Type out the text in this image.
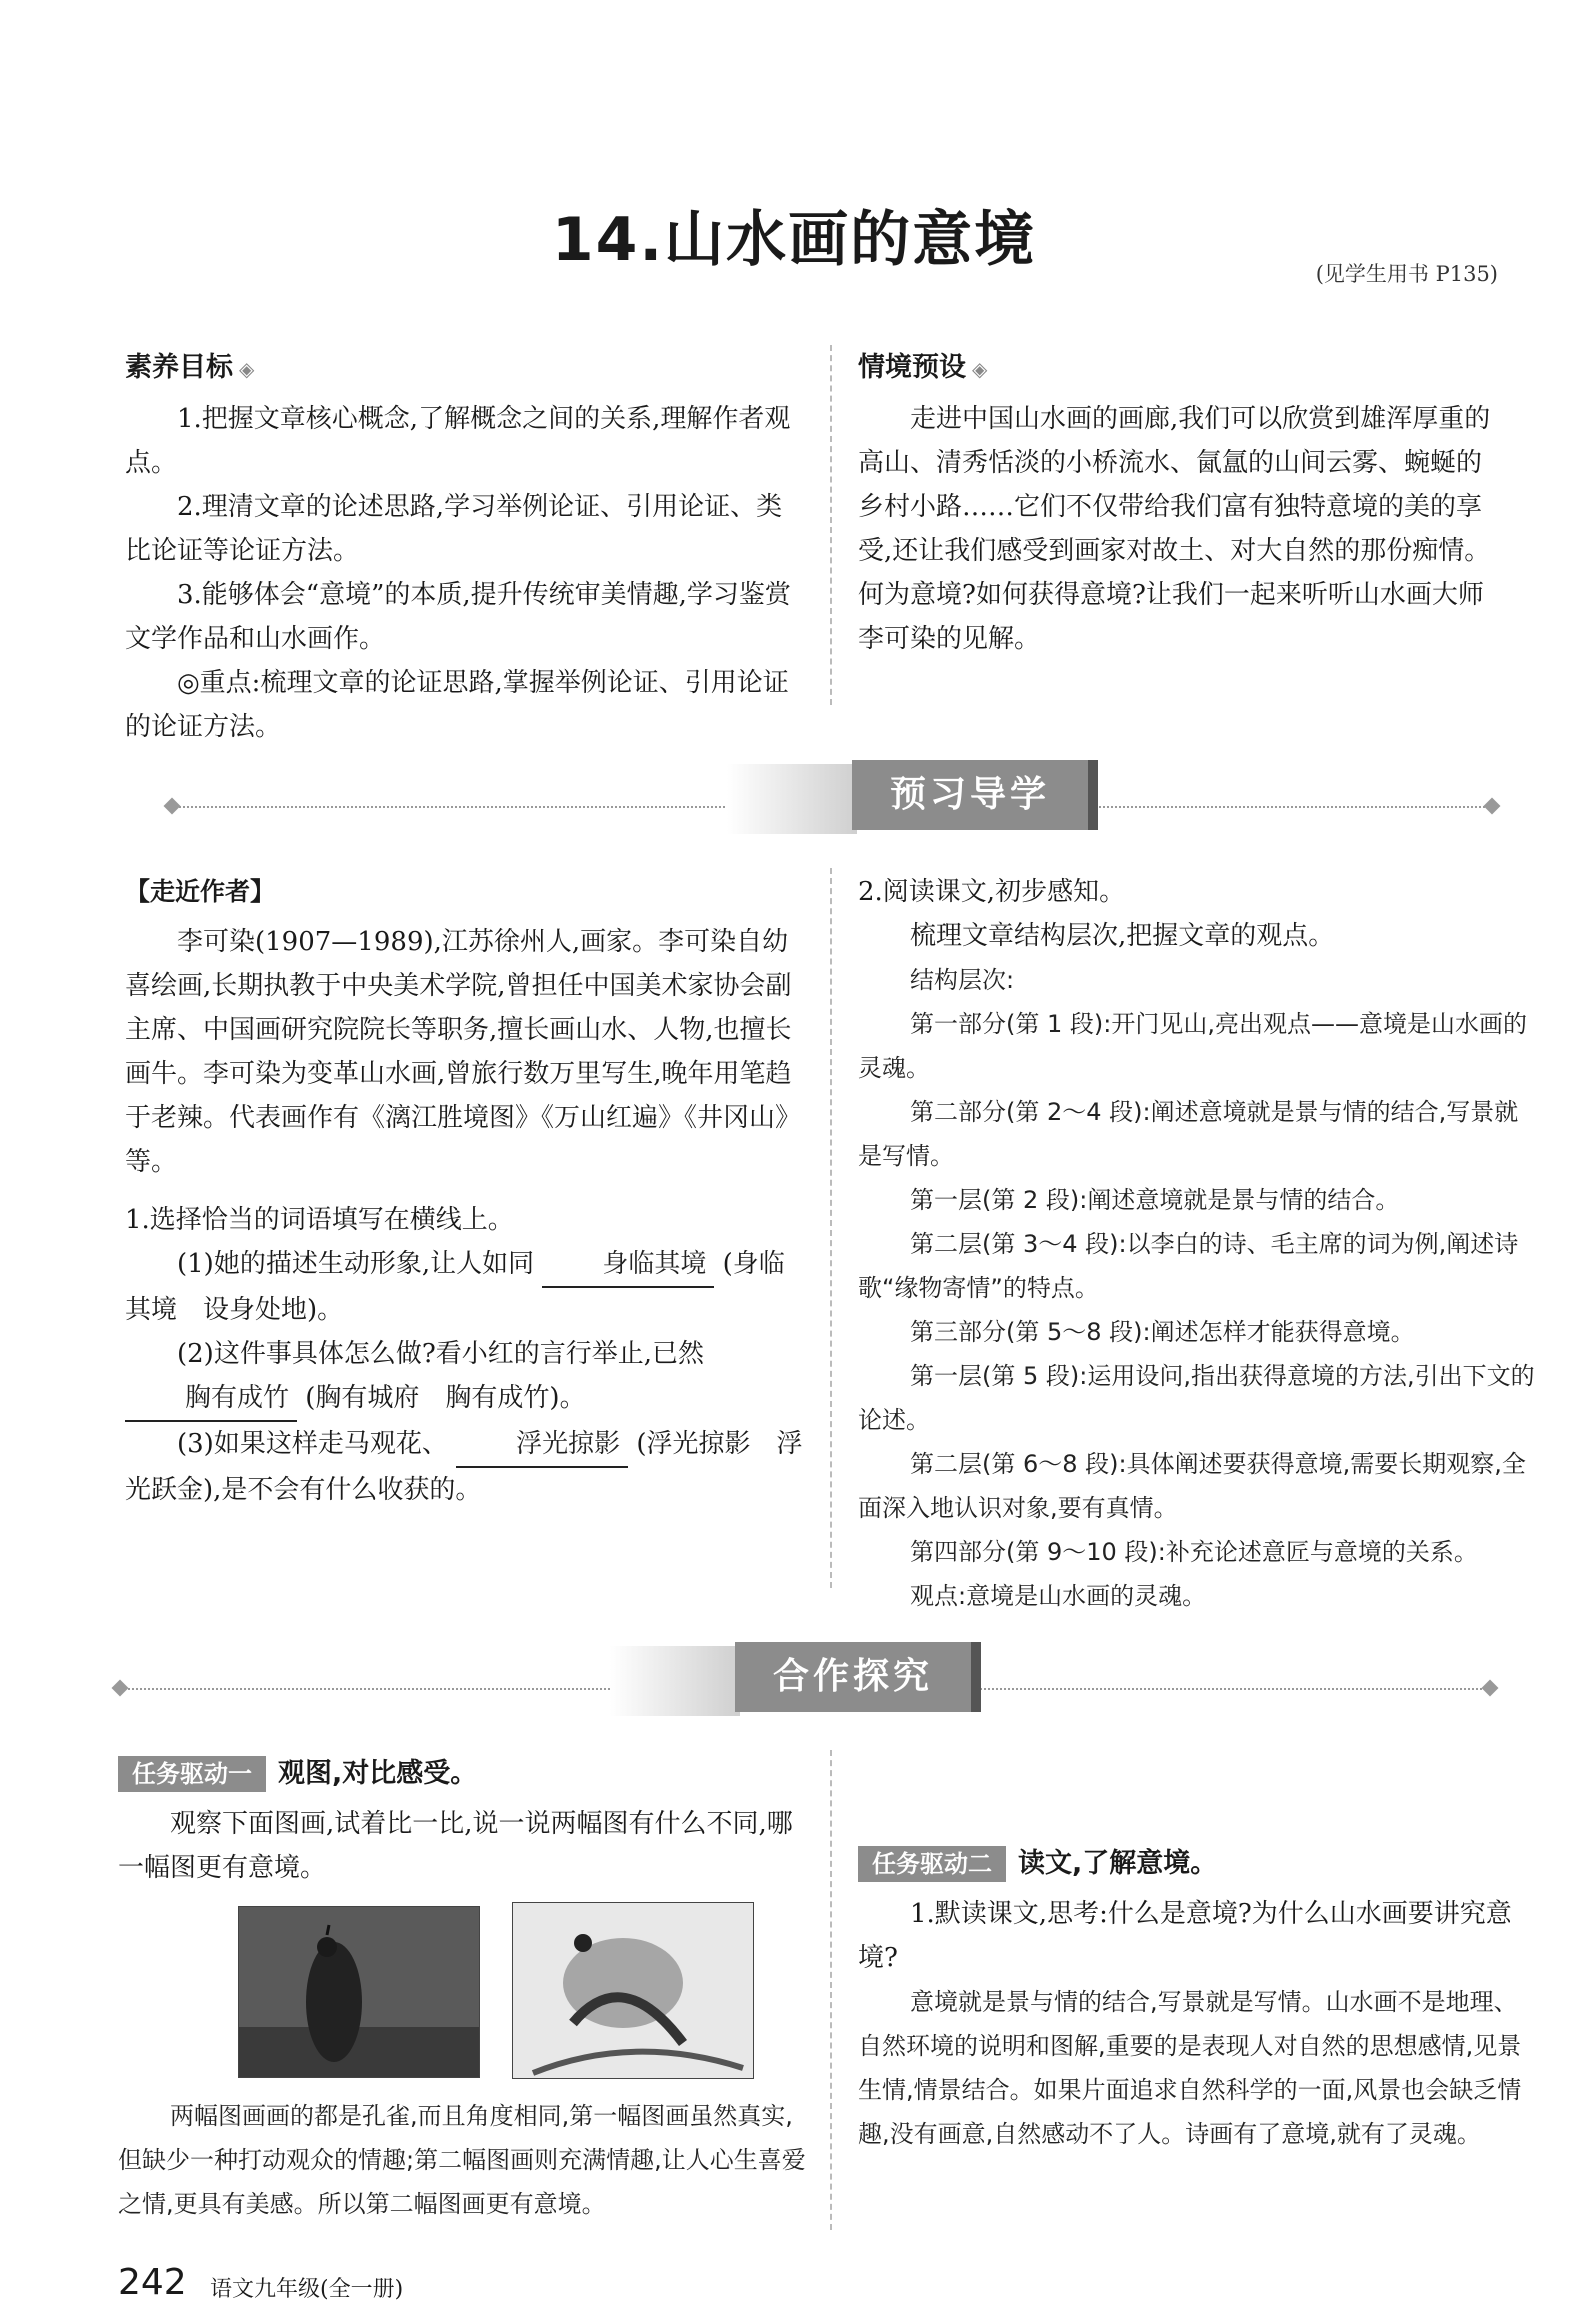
14.山水画的意境	(见学生用书 P135)
素养目标 ◈

1.把握文章核心概念,了解概念之间的关系,理解作者观点。

2.理清文章的论述思路,学习举例论证、引用论证、类比论证等论证方法。

3.能够体会“意境”的本质,提升传统审美情趣,学习鉴赏文学作品和山水画作。

◎重点:梳理文章的论证思路,掌握举例论证、引用论证的论证方法。

情境预设 ◈

走进中国山水画的画廊,我们可以欣赏到雄浑厚重的高山、清秀恬淡的小桥流水、氤氲的山间云雾、蜿蜒的乡村小路……它们不仅带给我们富有独特意境的美的享受,还让我们感受到画家对故土、对大自然的那份痴情。何为意境?如何获得意境?让我们一起来听听山水画大师李可染的见解。

预习导学
【走近作者】

李可染(1907—1989),江苏徐州人,画家。李可染自幼喜绘画,长期执教于中央美术学院,曾担任中国美术家协会副主席、中国画研究院院长等职务,擅长画山水、人物,也擅长画牛。李可染为变革山水画,曾旅行数万里写生,晚年用笔趋于老辣。代表画作有《漓江胜境图》《万山红遍》《井冈山》等。

1.选择恰当的词语填写在横线上。

(1)她的描述生动形象,让人如同	身临其境 (身临其境　设身处地)。

(2)这件事具体怎么做?看小红的言行举止,已然 胸有成竹 (胸有城府　胸有成竹)。

(3)如果这样走马观花、	浮光掠影 (浮光掠影　浮光跃金),是不会有什么收获的。

2.阅读课文,初步感知。

梳理文章结构层次,把握文章的观点。

结构层次:

第一部分(第 1 段):开门见山,亮出观点——意境是山水画的灵魂。

第二部分(第 2～4 段):阐述意境就是景与情的结合,写景就是写情。

第一层(第 2 段):阐述意境就是景与情的结合。

第二层(第 3～4 段):以李白的诗、毛主席的词为例,阐述诗歌“缘物寄情”的特点。

第三部分(第 5～8 段):阐述怎样才能获得意境。

第一层(第 5 段):运用设问,指出获得意境的方法,引出下文的论述。

第二层(第 6～8 段):具体阐述要获得意境,需要长期观察,全面深入地认识对象,要有真情。

第四部分(第 9～10 段):补充论述意匠与意境的关系。

观点:意境是山水画的灵魂。

合作探究

任务驱动一 观图,对比感受。

观察下面图画,试着比一比,说一说两幅图有什么不同,哪一幅图更有意境。

两幅图画画的都是孔雀,而且角度相同,第一幅图画虽然真实,但缺少一种打动观众的情趣;第二幅图画则充满情趣,让人心生喜爱之情,更具有美感。所以第二幅图画更有意境。

任务驱动二 读文,了解意境。

1.默读课文,思考:什么是意境?为什么山水画要讲究意境?

意境就是景与情的结合,写景就是写情。山水画不是地理、自然环境的说明和图解,重要的是表现人对自然的思想感情,见景生情,情景结合。如果片面追求自然科学的一面,风景也会缺乏情趣,没有画意,自然感动不了人。诗画有了意境,就有了灵魂。

242 语文九年级(全一册)
